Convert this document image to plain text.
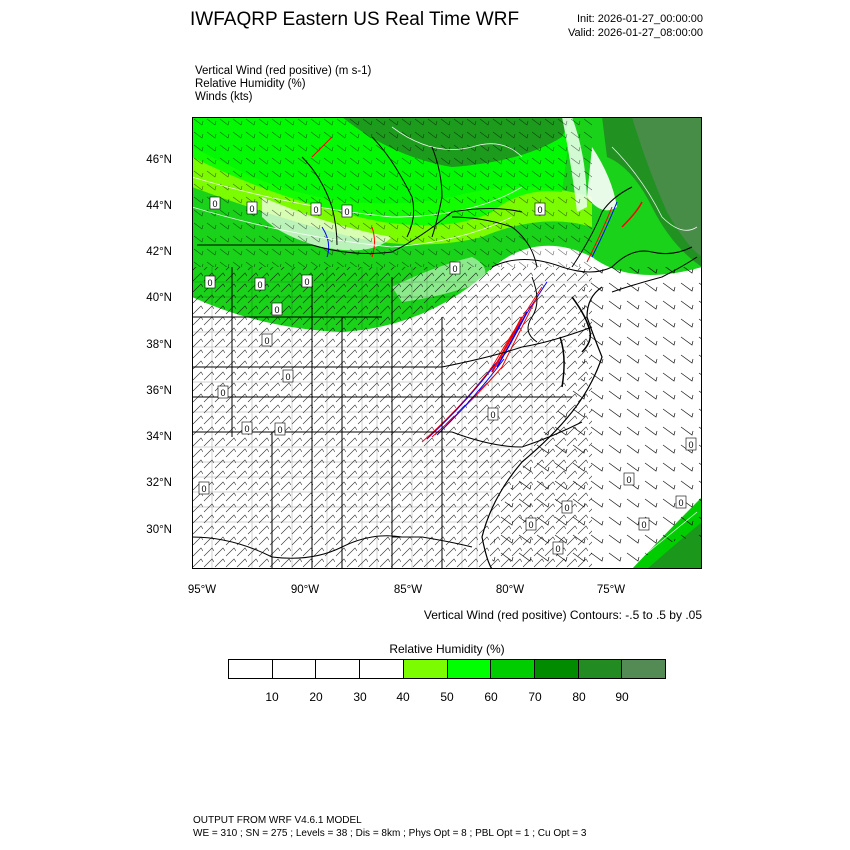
IWFAQRP Eastern US Real Time WRF	Init: 2026-01-27_00:00:00
Valid: 2026-01-27_08:00:00
Vertical Wind (red positive) (m s-1)
Relative Humidity (%)
Winds (kts)
0	0	0	0
0	0
0
0
0
0
0	0
0
0
0
0
0
0
0
0
0
0
0
0
46°N
44°N
42°N
40°N
38°N
36°N
34°N
32°N
30°N
95°W	90°W	85°W	80°W	75°W
Vertical Wind (red positive) Contours: -.5 to .5 by .05
Relative Humidity (%)
10	20	30 40	50	60	70	80 90
OUTPUT FROM WRF V4.6.1 MODEL
WE = 310 ; SN = 275 ; Levels = 38 ; Dis = 8km ; Phys Opt = 8 ; PBL Opt = 1 ; Cu Opt = 3
